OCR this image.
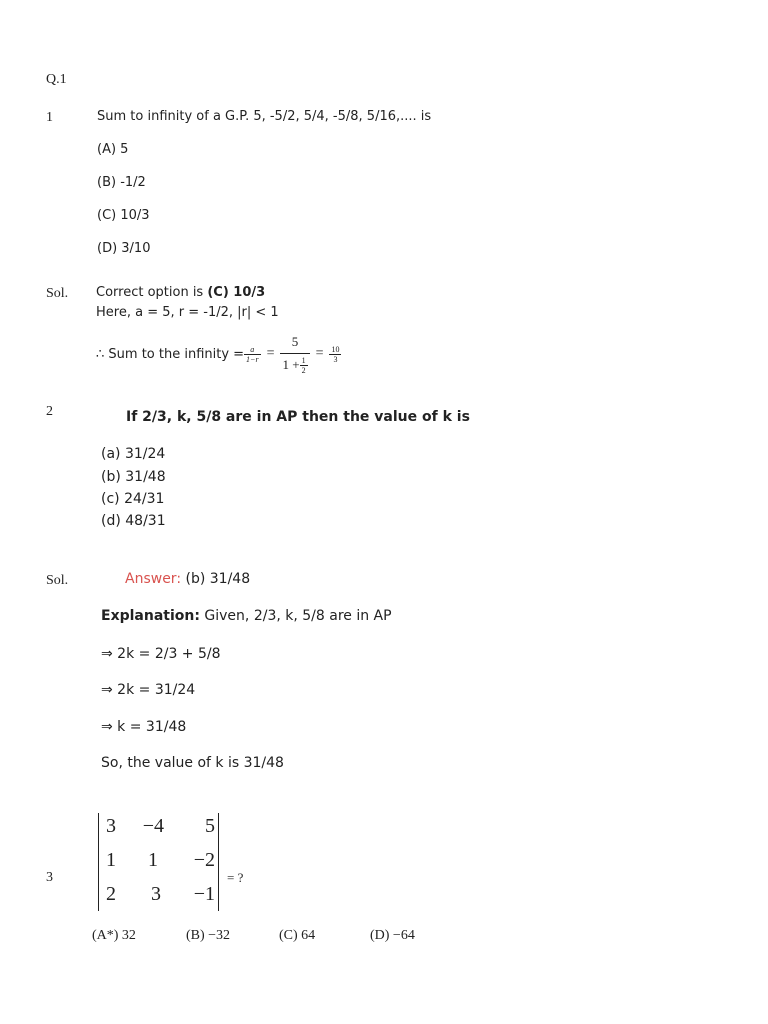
Q.1
1	Sum to infinity of a G.P. 5, -5/2, 5/4, -5/8, 5/16,.... is
(A) 5
(B) -1/2
(C) 10/3
(D) 3/10
Sol. Correct option is (C) 10/3
Here, a = 5, r = -1/2, |r| < 1
∴ Sum to the infinity = $\frac{a}{1-r} = \frac{5}{1 + \frac{1}{2}} = \frac{10}{3}$
2	If 2/3, k, 5/8 are in AP then the value of k is
(a) 31/24
(b) 31/48
(c) 24/31
(d) 48/31
Sol.	Answer: (b) 31/48
Explanation: Given, 2/3, k, 5/8 are in AP
⇒ 2k = 2/3 + 5/8
⇒ 2k = 31/24
⇒ k = 31/48
So, the value of k is 31/48
3
3	−4	5
1	1	−2
2	3	−1
= ?
(A*) 32	(B) −32	(C) 64	(D) −64
